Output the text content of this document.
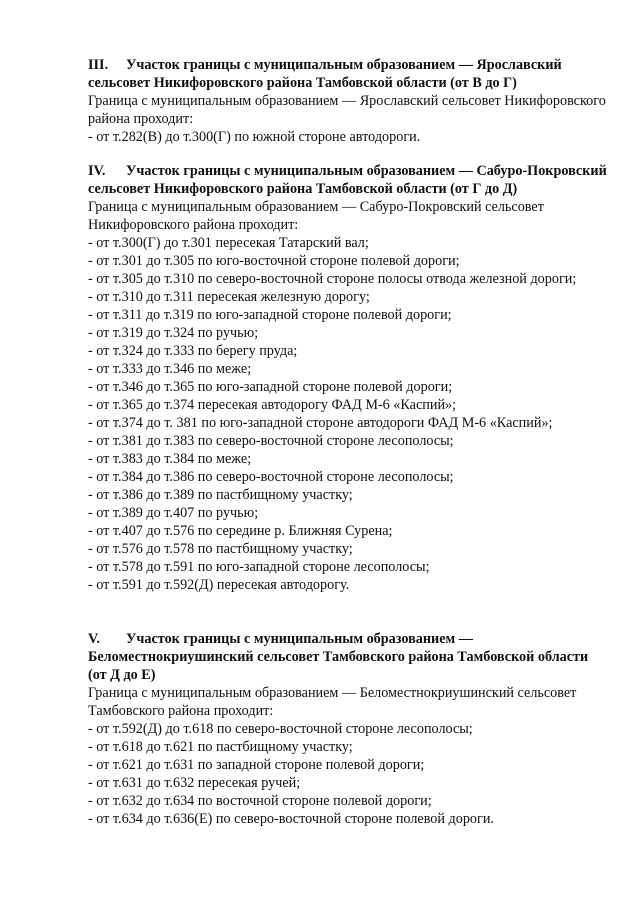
III. Участок границы с муниципальным образованием — Ярославский сельсовет Никифоровского района Тамбовской области (от В до Г)

Граница с муниципальным образованием — Ярославский сельсовет Никифоровского района проходит:

- от т.282(В) до т.300(Г) по южной стороне автодороги.

IV. Участок границы с муниципальным образованием — Сабуро-Покровский сельсовет Никифоровского района Тамбовской области (от Г до Д)

Граница с муниципальным образованием — Сабуро-Покровский сельсовет Никифоровского района проходит:

- от т.300(Г) до т.301 пересекая Татарский вал;
- от т.301 до т.305 по юго-восточной стороне полевой дороги;
- от т.305 до т.310 по северо-восточной стороне полосы отвода железной дороги;
- от т.310 до т.311 пересекая железную дорогу;
- от т.311 до т.319 по юго-западной стороне полевой дороги;
- от т.319 до т.324 по ручью;
- от т.324 до т.333 по берегу пруда;
- от т.333 до т.346 по меже;
- от т.346 до т.365 по юго-западной стороне полевой дороги;
- от т.365 до т.374 пересекая автодорогу ФАД М-6 «Каспий»;
- от т.374 до т. 381 по юго-западной стороне автодороги ФАД М-6 «Каспий»;
- от т.381 до т.383 по северо-восточной стороне лесополосы;
- от т.383 до т.384 по меже;
- от т.384 до т.386 по северо-восточной стороне лесополосы;
- от т.386 до т.389 по пастбищному участку;
- от т.389 до т.407 по ручью;
- от т.407 до т.576 по середине р. Ближняя Сурена;
- от т.576 до т.578 по пастбищному участку;
- от т.578 до т.591 по юго-западной стороне лесополосы;
- от т.591 до т.592(Д) пересекая автодорогу.

V. Участок границы с муниципальным образованием — Беломестнокриушинский сельсовет Тамбовского района Тамбовской области (от Д до Е)

Граница с муниципальным образованием — Беломестнокриушинский сельсовет Тамбовского района проходит:

- от т.592(Д) до т.618 по северо-восточной стороне лесополосы;
- от т.618 до т.621 по пастбищному участку;
- от т.621 до т.631 по западной стороне полевой дороги;
- от т.631 до т.632 пересекая ручей;
- от т.632 до т.634 по восточной стороне полевой дороги;
- от т.634 до т.636(Е) по северо-восточной стороне полевой дороги.
